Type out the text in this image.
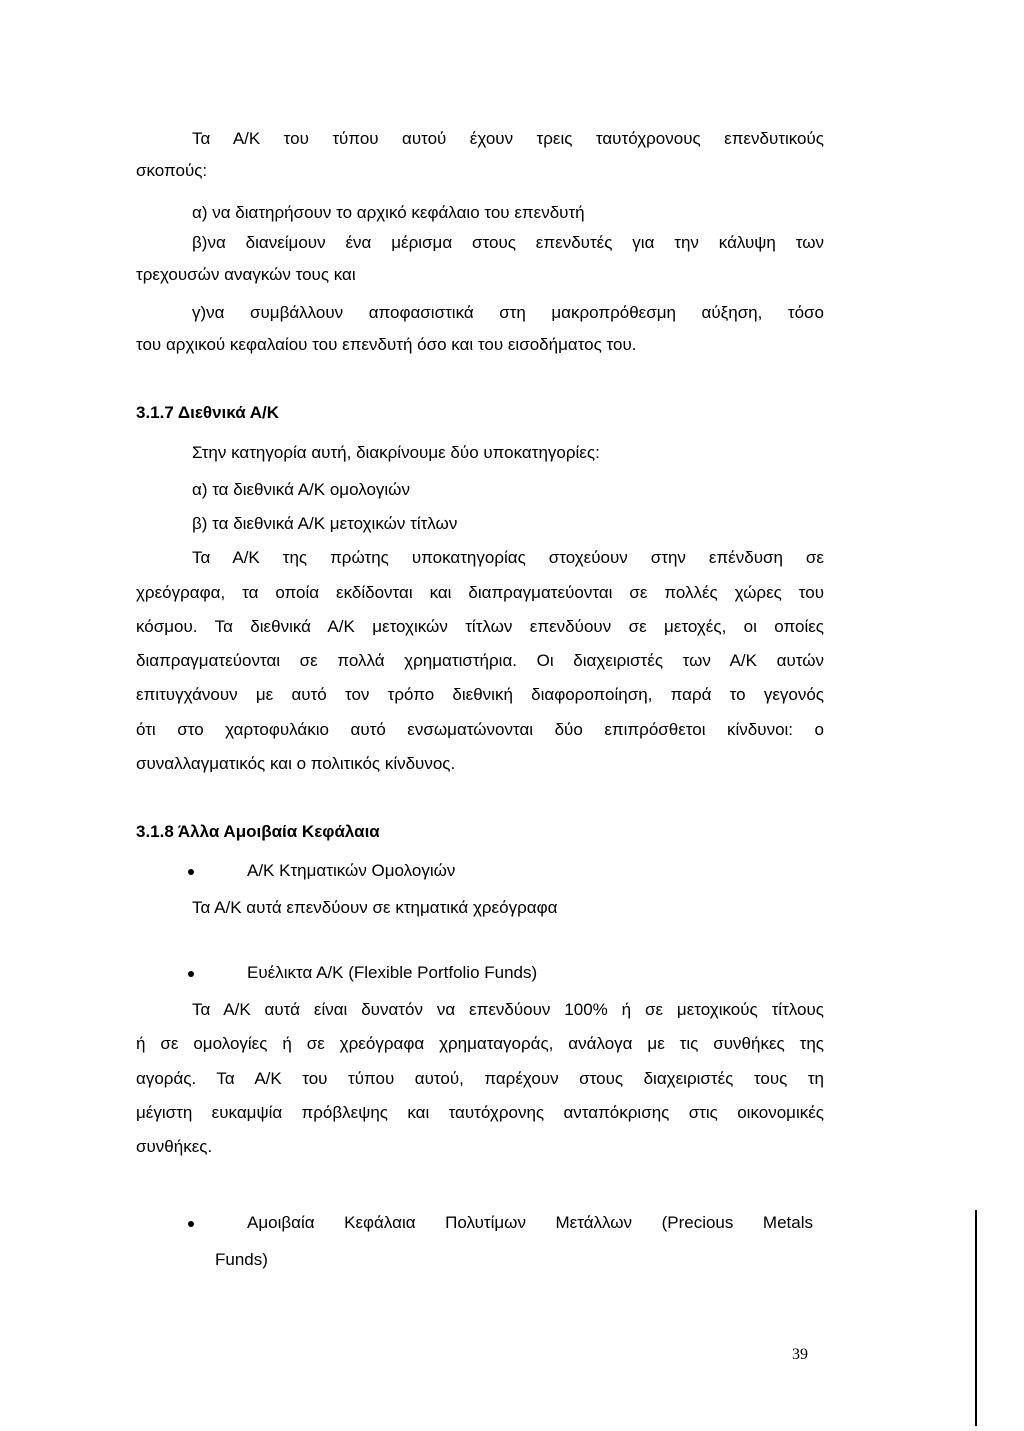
Τα Α/Κ του τύπου αυτού έχουν τρεις ταυτόχρονους επενδυτικούς
σκοπούς:
α) να διατηρήσουν το αρχικό κεφάλαιο του επενδυτή
β)να διανείμουν ένα μέρισμα στους επενδυτές για την κάλυψη των
τρεχουσών αναγκών τους και
γ)να συμβάλλουν αποφασιστικά στη μακροπρόθεσμη αύξηση, τόσο
του αρχικού κεφαλαίου του επενδυτή όσο και του εισοδήματος του.
3.1.7 Διεθνικά Α/Κ
Στην κατηγορία αυτή, διακρίνουμε δύο υποκατηγορίες:
α) τα διεθνικά Α/Κ ομολογιών
β) τα διεθνικά Α/Κ μετοχικών τίτλων
Τα Α/Κ της πρώτης υποκατηγορίας στοχεύουν στην επένδυση σε
χρεόγραφα, τα οποία εκδίδονται και διαπραγματεύονται σε πολλές χώρες του
κόσμου. Τα διεθνικά Α/Κ μετοχικών τίτλων επενδύουν σε μετοχές, οι οποίες
διαπραγματεύονται σε πολλά χρηματιστήρια. Οι διαχειριστές των Α/Κ αυτών
επιτυγχάνουν με αυτό τον τρόπο διεθνική διαφοροποίηση, παρά το γεγονός
ότι στο χαρτοφυλάκιο αυτό ενσωματώνονται δύο επιπρόσθετοι κίνδυνοι: ο
συναλλαγματικός και ο πολιτικός κίνδυνος.
3.1.8 Άλλα Αμοιβαία Κεφάλαια
Α/Κ Κτηματικών Ομολογιών
Τα Α/Κ αυτά επενδύουν σε κτηματικά χρεόγραφα
Ευέλικτα Α/Κ (Flexible Portfolio Funds)
Τα Α/Κ αυτά είναι δυνατόν να επενδύουν 100% ή σε μετοχικούς τίτλους
ή σε ομολογίες ή σε χρεόγραφα χρηματαγοράς, ανάλογα με τις συνθήκες της
αγοράς. Τα Α/Κ του τύπου αυτού, παρέχουν στους διαχειριστές τους τη
μέγιστη ευκαμψία πρόβλεψης και ταυτόχρονης ανταπόκρισης στις οικονομικές
συνθήκες.
Αμοιβαία Κεφάλαια Πολυτίμων Μετάλλων (Precious Metals
Funds)
39
